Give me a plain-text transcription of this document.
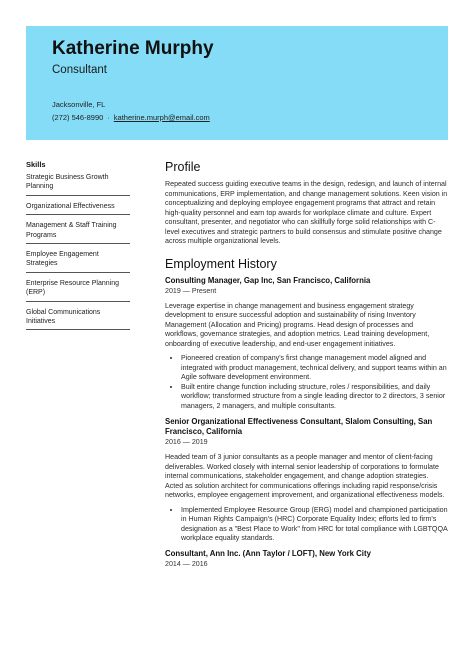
Katherine Murphy
Consultant
Jacksonville, FL
(272) 546-8990 · katherine.murph@email.com
Skills
Strategic Business Growth Planning
Organizational Effectiveness
Management & Staff Training Programs
Employee Engagement Strategies
Enterprise Resource Planning (ERP)
Global Communications Initiatives
Profile

Repeated success guiding executive teams in the design, redesign, and launch of internal communications, ERP implementation, and change management solutions. Keen vision in conceptualizing and deploying employee engagement programs that attract and retain high-quality personnel and earn top awards for workplace climate and culture. Expert consultant, presenter, and negotiator who can skillfully forge solid relationships with C-level executives and strategic partners to build consensus and stimulate positive change across multiple organizational levels.

Employment History
Consulting Manager, Gap Inc, San Francisco, California
2019 — Present

Leverage expertise in change management and business engagement strategy development to ensure successful adoption and sustainability of rising Inventory Management (Allocation and Pricing) programs. Head design of processes and workflows, governance strategies, and adoption metrics. Lead training development, onboarding of executive leadership, and end-user engagement initiatives.

• Pioneered creation of company's first change management model aligned and integrated with product management, technical delivery, and support teams within an Agile software development environment.
• Built entire change function including structure, roles / responsibilities, and daily workflow; transformed structure from a single leading director to 2 directors, 3 senior managers, 2 managers, and multiple consultants.
Senior Organizational Effectiveness Consultant, Slalom Consulting, San Francisco, California
2016 — 2019

Headed team of 3 junior consultants as a people manager and mentor of client-facing deliverables. Worked closely with internal senior leadership of corporations to formulate internal communications, stakeholder engagement, and change adoption strategies. Acted as solution architect for communications offerings including rapid response/crisis networks, employee engagement improvement, and organizational effectiveness models.

• Implemented Employee Resource Group (ERG) model and championed participation in Human Rights Campaign's (HRC) Corporate Equality Index; efforts led to firm's designation as a "Best Place to Work" from HRC for total compliance with LGBTQQA workplace equality standards.
Consultant, Ann Inc. (Ann Taylor / LOFT), New York City
2014 — 2016
